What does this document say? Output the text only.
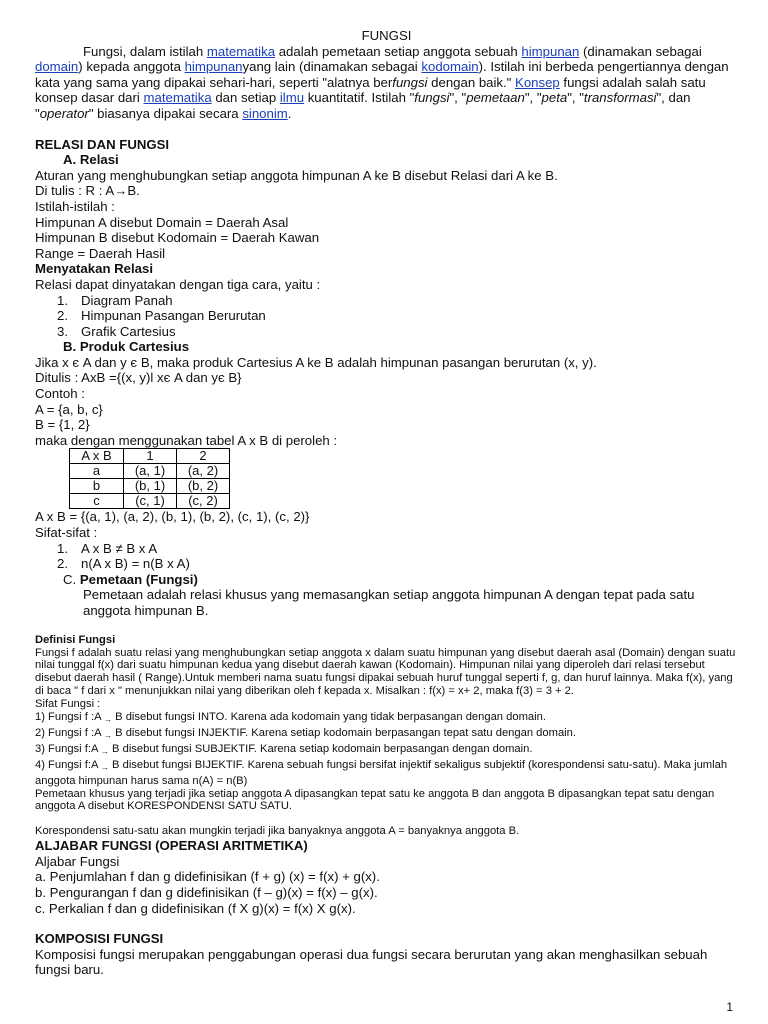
FUNGSI

Fungsi, dalam istilah matematika adalah pemetaan setiap anggota sebuah himpunan (dinamakan sebagai domain) kepada anggota himpunanyang lain (dinamakan sebagai kodomain). Istilah ini berbeda pengertiannya dengan kata yang sama yang dipakai sehari-hari, seperti "alatnya berfungsi dengan baik." Konsep fungsi adalah salah satu konsep dasar dari matematika dan setiap ilmu kuantitatif. Istilah "fungsi", "pemetaan", "peta", "transformasi", dan "operator" biasanya dipakai secara sinonim.

RELASI DAN FUNGSI

A. Relasi

Aturan yang menghubungkan setiap anggota himpunan A ke B disebut Relasi dari A ke B.

Di tulis : R : A→B.

Istilah-istilah :

Himpunan A disebut Domain = Daerah Asal

Himpunan B disebut Kodomain = Daerah Kawan

Range = Daerah Hasil

Menyatakan Relasi

Relasi dapat dinyatakan dengan tiga cara, yaitu :

1. Diagram Panah
2. Himpunan Pasangan Berurutan
3. Grafik Cartesius

B. Produk Cartesius

Jika x є A dan y є B, maka produk Cartesius A ke B adalah himpunan pasangan berurutan (x, y).

Ditulis : AxB ={(x, y)l xє A dan yє B}

Contoh :

A = {a, b, c}

B = {1, 2}

maka dengan menggunakan tabel A x B di peroleh :

A x B	1	2
a	(a, 1)	(a, 2)
b	(b, 1)	(b, 2)
c	(c, 1)	(c, 2)

A x B = {(a, 1), (a, 2), (b, 1), (b, 2), (c, 1), (c, 2)}

Sifat-sifat :

1. A x B ≠ B x A
2. n(A x B) = n(B x A)

C. Pemetaan (Fungsi)

Pemetaan adalah relasi khusus yang memasangkan setiap anggota himpunan A dengan tepat pada satu anggota himpunan B.

Definisi Fungsi

Fungsi f adalah suatu relasi yang menghubungkan setiap anggota x dalam suatu himpunan yang disebut daerah asal (Domain) dengan suatu nilai tunggal f(x) dari suatu himpunan kedua yang disebut daerah kawan (Kodomain). Himpunan nilai yang diperoleh dari relasi tersebut disebut daerah hasil ( Range).Untuk memberi nama suatu fungsi dipakai sebuah huruf tunggal seperti f, g, dan huruf lainnya. Maka f(x), yang di baca " f dari x " menunjukkan nilai yang diberikan oleh f kepada x. Misalkan : f(x) = x+ 2, maka f(3) = 3 + 2.

Sifat Fungsi :

1) Fungsi f :A → B disebut fungsi INTO. Karena ada kodomain yang tidak berpasangan dengan domain.

2) Fungsi f :A → B disebut fungsi INJEKTIF. Karena setiap kodomain berpasangan tepat satu dengan domain.

3) Fungsi f:A → B disebut fungsi SUBJEKTIF. Karena setiap kodomain berpasangan dengan domain.

4) Fungsi f:A → B disebut fungsi BIJEKTIF. Karena sebuah fungsi bersifat injektif sekaligus subjektif (korespondensi satu-satu). Maka jumlah anggota himpunan harus sama n(A) = n(B)

Pemetaan khusus yang terjadi jika setiap anggota A dipasangkan tepat satu ke anggota B dan anggota B dipasangkan tepat satu dengan anggota A disebut KORESPONDENSI SATU SATU.

Korespondensi satu-satu akan mungkin terjadi jika banyaknya anggota A = banyaknya anggota B.

ALJABAR FUNGSI (OPERASI ARITMETIKA)

Aljabar Fungsi

a. Penjumlahan f dan g didefinisikan (f + g) (x) = f(x) + g(x).

b. Pengurangan f dan g didefinisikan (f – g)(x) = f(x) – g(x).

c. Perkalian f dan g didefinisikan (f X g)(x) = f(x) X g(x).

KOMPOSISI FUNGSI

Komposisi fungsi merupakan penggabungan operasi dua fungsi secara berurutan yang akan menghasilkan sebuah fungsi baru.

1
